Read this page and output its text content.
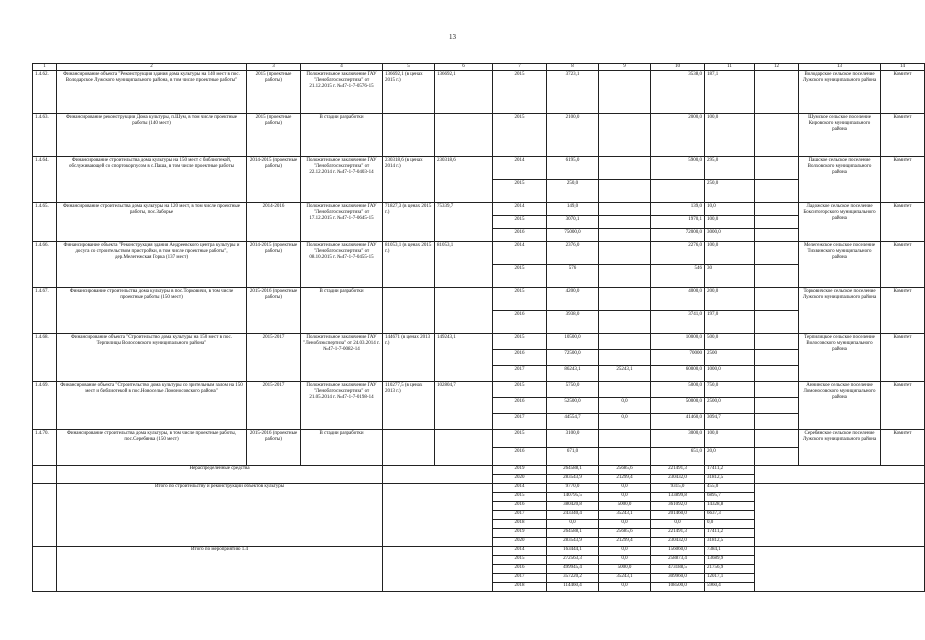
13
1	2	3	4	5	6	7	8	9	10	11	12	13	14
1.4.62.	Финансирование объекта "Реконструкция здания дома культуры на 140 мест в пос. Володарское Лужского муниципального района, в том числе проектные работы"	2015 (проектные работы)	Положительное заключение ГАУ "Леноблгосэкспертиза" от 21.12.2015 г. №47-1-7-0576-15	136692,1 (в ценах 2015 г.)	136692,1	2015	3723,1		3538,0	187,1		Володарское сельское поселение Лужского муниципального района	Комитет
1.4.63.	Финансирование реконструкции Дома культуры, п.Шум, в том числе проектные работы (140 мест)	2015 (проектные работы)	В стадии разработки			2015	2100,0		2000,0	100,0		Шумское сельское поселение Кировского муниципального района	Комитет
1.4.64.	Финансирование строительства дома культуры на 150 мест с библиотекой, обслуживающей со спортокорпусом в с.Паша, в том числе проектные работы	2014-2015 (проектные работы)	Положительное заключение ГАУ "Леноблгосэкспертиза" от 22.12.2014 г. №47-1-7-0403-14	230318,6 (в ценах 2014 г.)	230318,6	2014	6195,0		5900,0	295,0		Пашское сельское поселение Волховского муниципального района	Комитет
						2015	250,0			250,0			
1.4.65.	Финансирование строительства дома культуры на 120 мест, в том числе проектные работы, пос.Заборье	2014-2016	Положительное заключение ГАУ "Леноблгосэкспертиза" от 17.12.2015 г. №47-1-7-0645-15	71827,3 (в ценах 2015 г.)	75339,7	2014	149,0		139,0	10,0		Ладожское сельское поселение Бокситогорского муниципального района	Комитет
						2015	3070,1		1970,1	100,0			
						2016	75000,0		72000,0	3000,0			
1.4.66.	Финансирование объекта "Реконструкция здания Андреевского центра культуры и досуга со строительством пристройки, в том числе проектные работы", дер.Мелегежская Горка (137 мест)	2014-2015 (проектные работы)	Положительное заключение ГАУ "Леноблгосэкспертиза" от 08.10.2015 г. №47-1-7-0455-15	81053,1 (в ценах 2015 г.)	81053,1	2014	2376,0		2276,0	100,0		Мелегежское сельское поселение Тихвинского муниципального района	Комитет
						2015	576		546	30			
1.4.67.	Финансирование строительства дома культуры в пос.Торковичи, в том числе проектные работы (150 мест)	2015-2016 (проектные работы)	В стадии разработки			2015	4200,0		4000,0	200,0		Торковичское сельское поселение Лужского муниципального района	Комитет
						2016	3938,0		3741,0	197,0			
1.4.68.	Финансирование объекта "Строительство дома культуры на 150 мест в пос. Терпилицы Волосовского муниципального района"	2015-2017	Положительное заключение ГАУ "Леноблэкспертиза" от 24.03.2014 г. №47-1-7-0082-14	144671 (в ценах 2013 г.)	149243,1	2015	10500,0		10000,0	500,0		Терпилицкое сельское поселение Волосовского муниципального района	Комитет
						2016	72500,0		70000	2500			
						2017	86243,1	25243,1	60000,0	1000,0			
1.4.69.	Финансирование объекта "Строительство дома культуры со зрительным залом на 150 мест и библиотекой в пос.Новоселье Ломоносовского района"	2015-2017	Положительное заключение ГАУ "Леноблгосэкспертиза" от 21.05.2014 г. №47-1-7-0198-14	110277,5 (в ценах 2013 г.)	102804,7	2015	5750,0		5000,0	750,0		Аннинское сельское поселение Ломоносовского муниципального района	Комитет
						2016	52500,0	0,0	50000,0	2500,0			
						2017	44554,7	0,0	41460,0	3094,7			
1.4.70.	Финансирование строительства дома культуры, в том числе проектные работы, пос.Серебянка (150 мест)	2015-2016 (проектные работы)	В стадии разработки			2015	3100,0		3000,0	100,0		Серебянское сельское поселение Лужского муниципального района	Комитет
						2016	671,0		651,0	20,0			
	Нераспределенные средства					2019	264588,1	25685,6	221491,3	17411,2			
						2020	283543,9	21299,4	230432,0	31812,5			
	Итого по строительству и реконструкции объектов культуры					2014	9770,0	0,0	9315,0	455,0			
						2015	140795,5	0,0	133899,8	6895,7			
						2016	380420,8	5000,0	361092,0	14328,8			
						2017	243340,4	35243,1	201460,0	6637,3			
						2018	0,0	0,0	0,0	0,0			
						2019	264588,1	25685,6	221491,3	17411,2			
						2020	283543,9	21299,4	230432,0	31812,5			
	Итого по мероприятию 1.4					2014	163444,1	0,0	156060,0	7384,1			
						2015	272563,3	0,0	258873,4	13689,9			
						2016	499945,4	5000,0	473188,5	21756,9			
						2017	357220,2	35243,1	309960,0	12017,1			
						2018	114460,4	0,0	108500,0	5960,4			
